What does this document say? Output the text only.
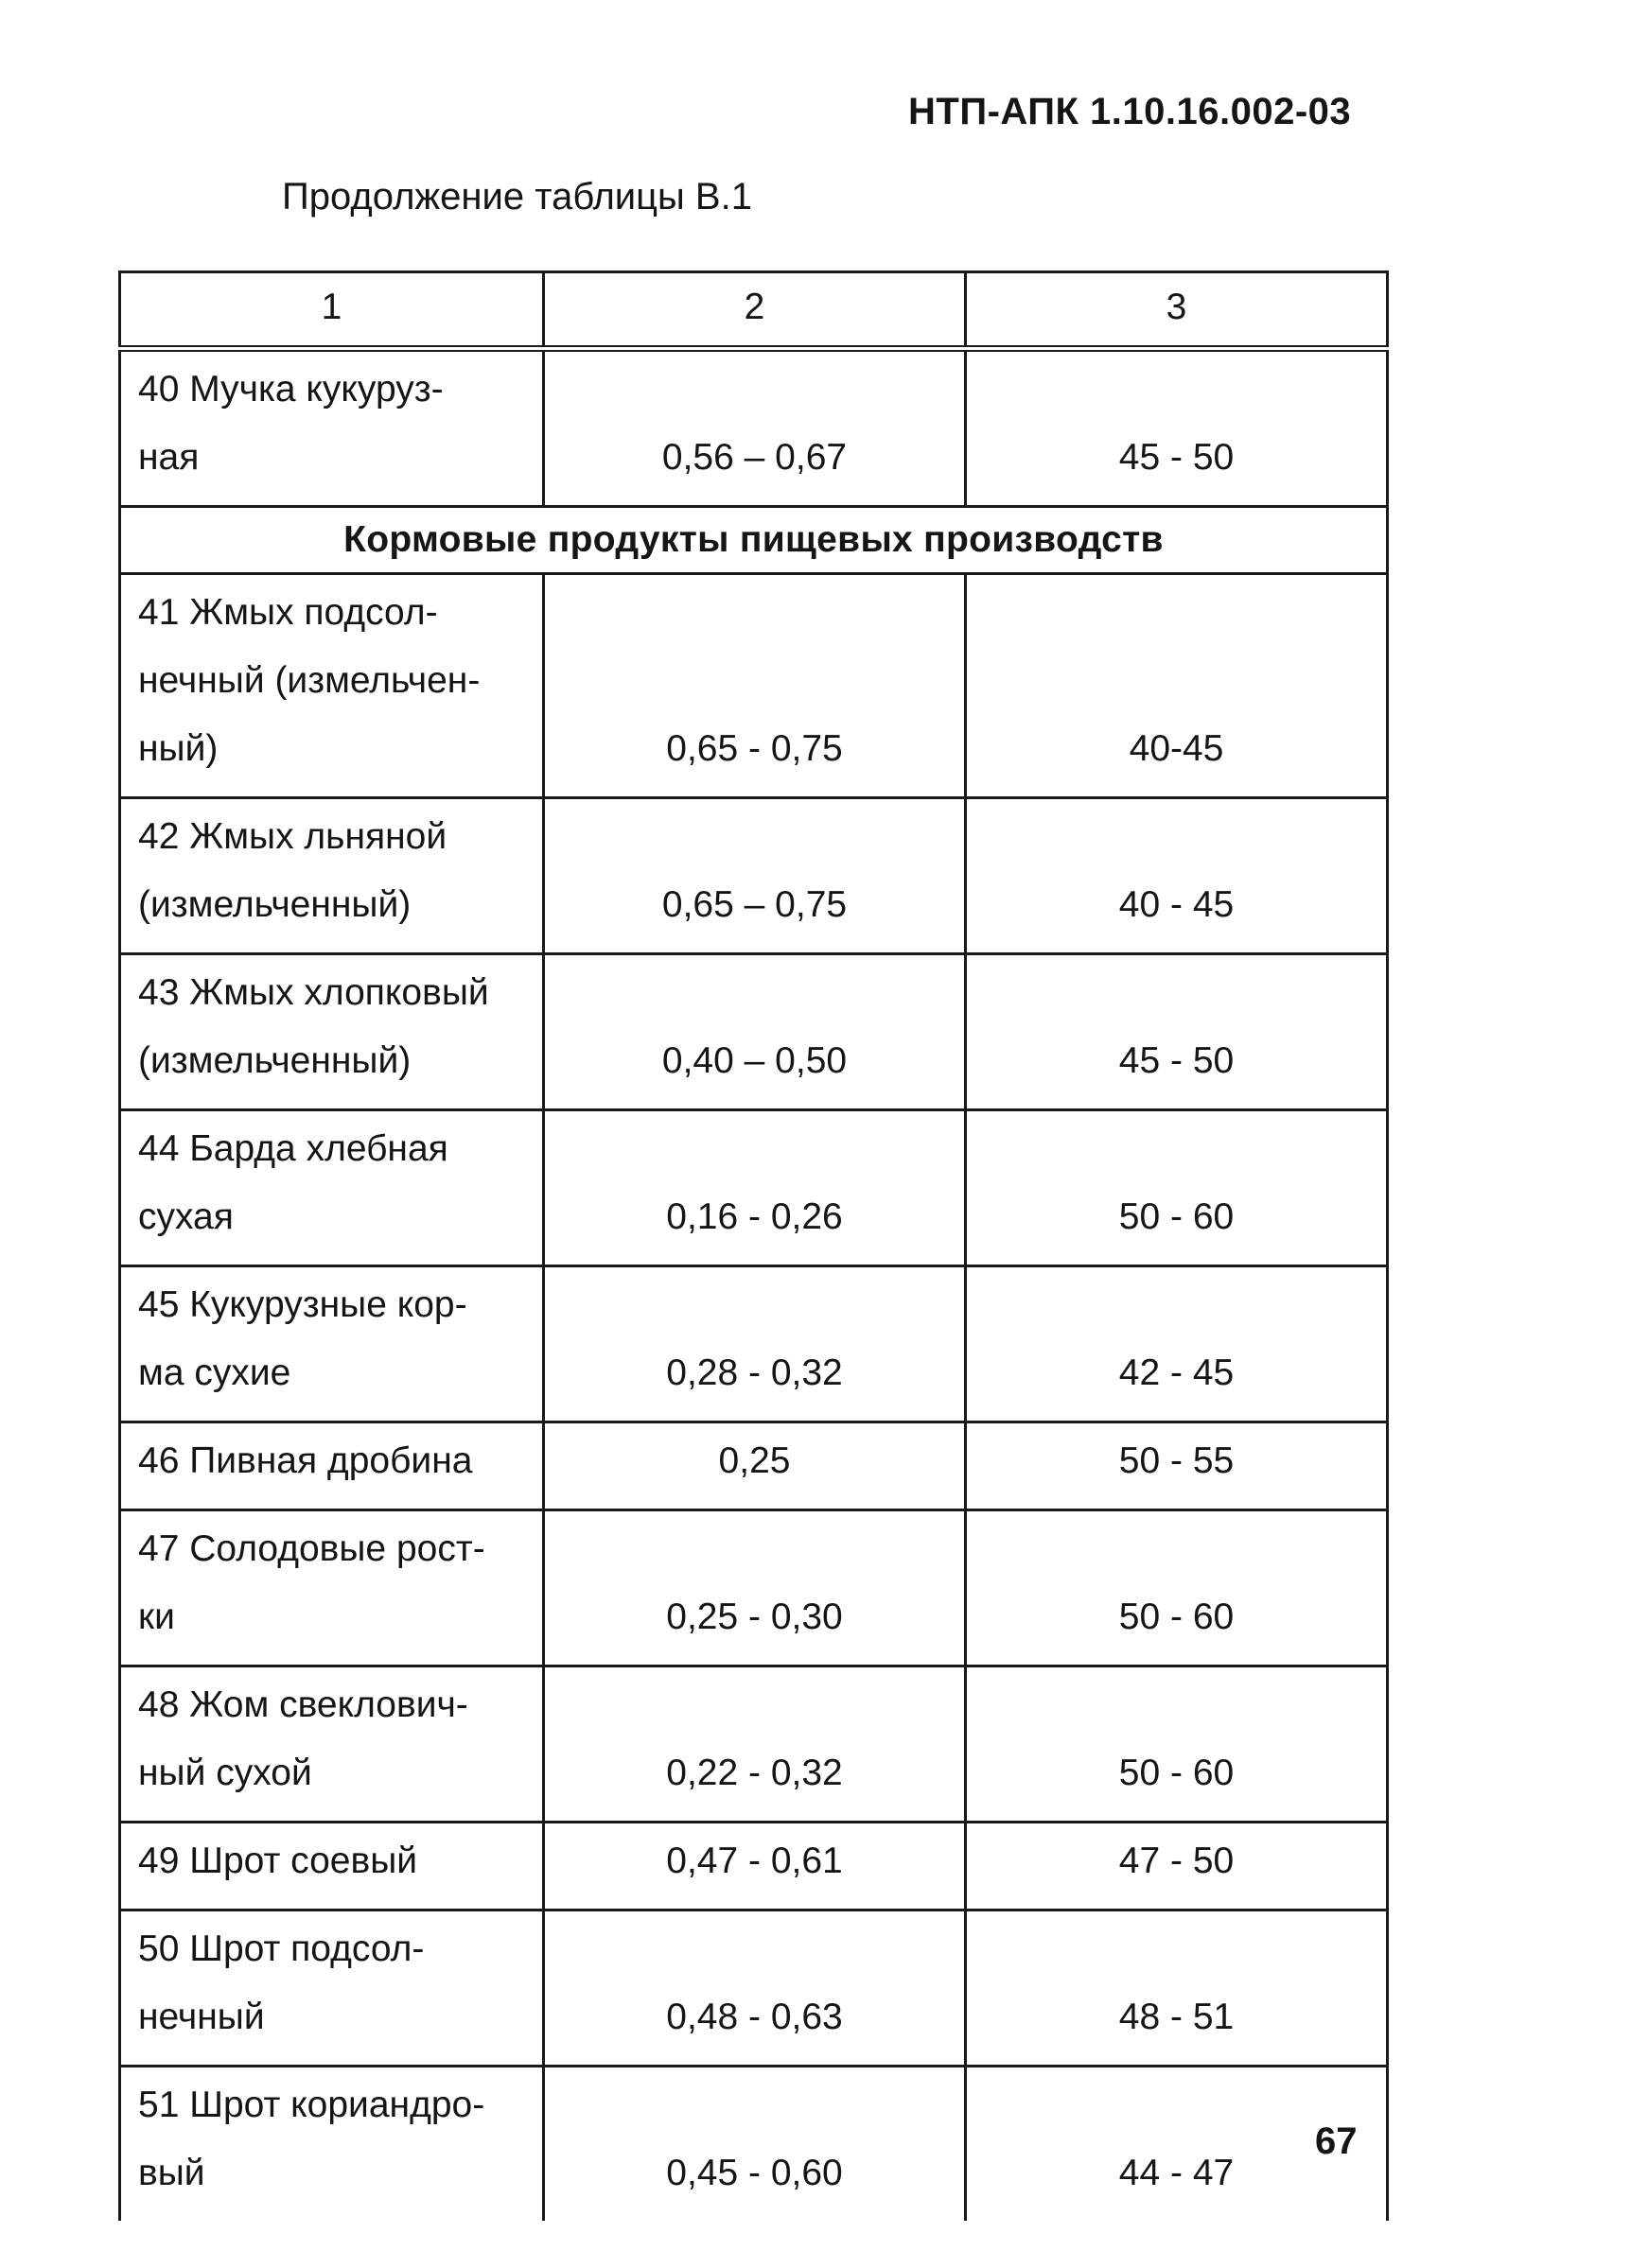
НТП-АПК 1.10.16.002-03
Продолжение таблицы В.1
1	2	3
40 Мучка кукуруз-
ная	0,56 – 0,67	45 - 50
Кормовые продукты пищевых производств		
41 Жмых подсол-
нечный (измельчен-
ный)	0,65 - 0,75	40-45
42 Жмых льняной
(измельченный)	0,65 – 0,75	40 - 45
43 Жмых хлопковый
(измельченный)	0,40 – 0,50	45 - 50
44 Барда хлебная
сухая	0,16 - 0,26	50 - 60
45 Кукурузные кор-
ма сухие	0,28 - 0,32	42 - 45
46 Пивная дробина	0,25	50 - 55
47 Солодовые рост-
ки	0,25 - 0,30	50 - 60
48 Жом свеклович-
ный сухой	0,22 - 0,32	50 - 60
49 Шрот соевый	0,47 - 0,61	47 - 50
50 Шрот подсол-
нечный	0,48 - 0,63	48 - 51
51 Шрот кориандро-
вый	0,45 - 0,60	44 - 47
67
